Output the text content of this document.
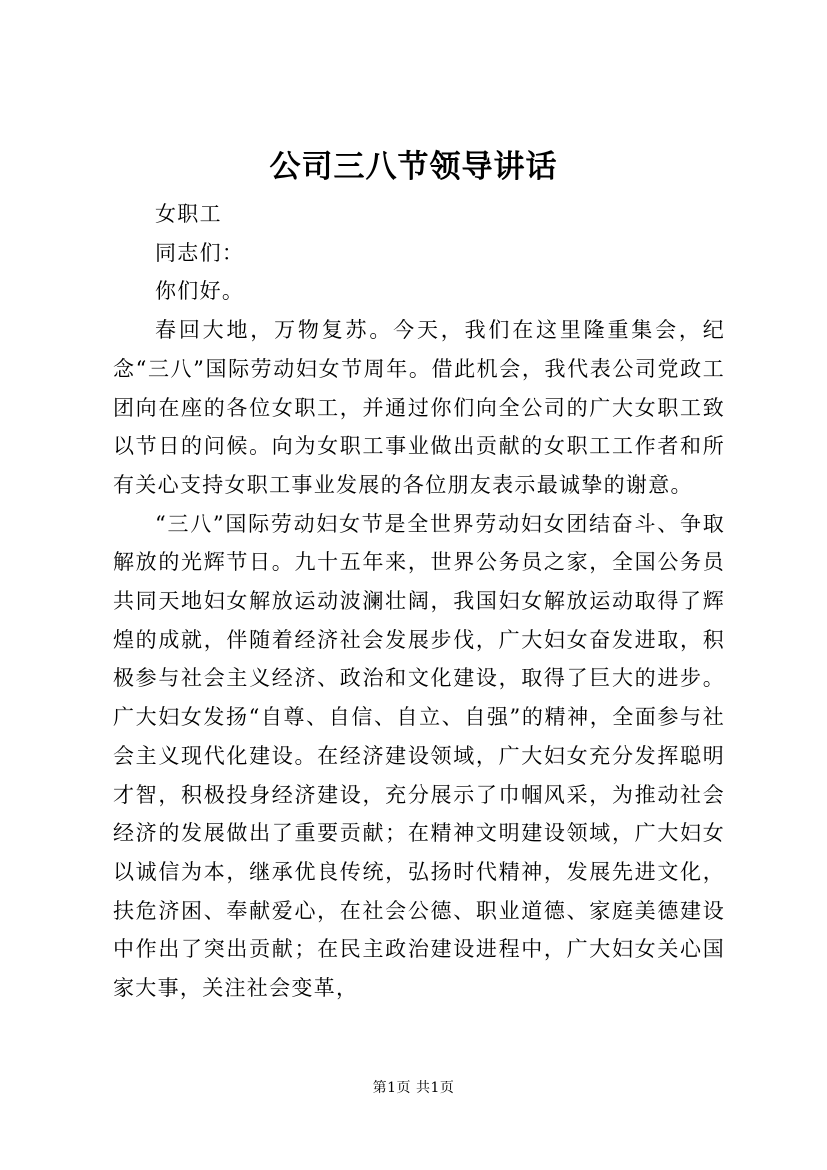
公司三八节领导讲话

女职工

同志们：

你们好。

春回大地，万物复苏。今天，我们在这里隆重集会，纪念“三八”国际劳动妇女节周年。借此机会，我代表公司党政工团向在座的各位女职工，并通过你们向全公司的广大女职工致以节日的问候。向为女职工事业做出贡献的女职工工作者和所有关心支持女职工事业发展的各位朋友表示最诚挚的谢意。

“三八”国际劳动妇女节是全世界劳动妇女团结奋斗、争取解放的光辉节日。九十五年来，世界公务员之家，全国公务员共同天地妇女解放运动波澜壮阔，我国妇女解放运动取得了辉煌的成就，伴随着经济社会发展步伐，广大妇女奋发进取，积极参与社会主义经济、政治和文化建设，取得了巨大的进步。广大妇女发扬“自尊、自信、自立、自强”的精神，全面参与社会主义现代化建设。在经济建设领域，广大妇女充分发挥聪明才智，积极投身经济建设，充分展示了巾帼风采，为推动社会经济的发展做出了重要贡献；在精神文明建设领域，广大妇女以诚信为本，继承优良传统，弘扬时代精神，发展先进文化，扶危济困、奉献爱心，在社会公德、职业道德、家庭美德建设中作出了突出贡献；在民主政治建设进程中，广大妇女关心国家大事，关注社会变革，

第1页 共1页
